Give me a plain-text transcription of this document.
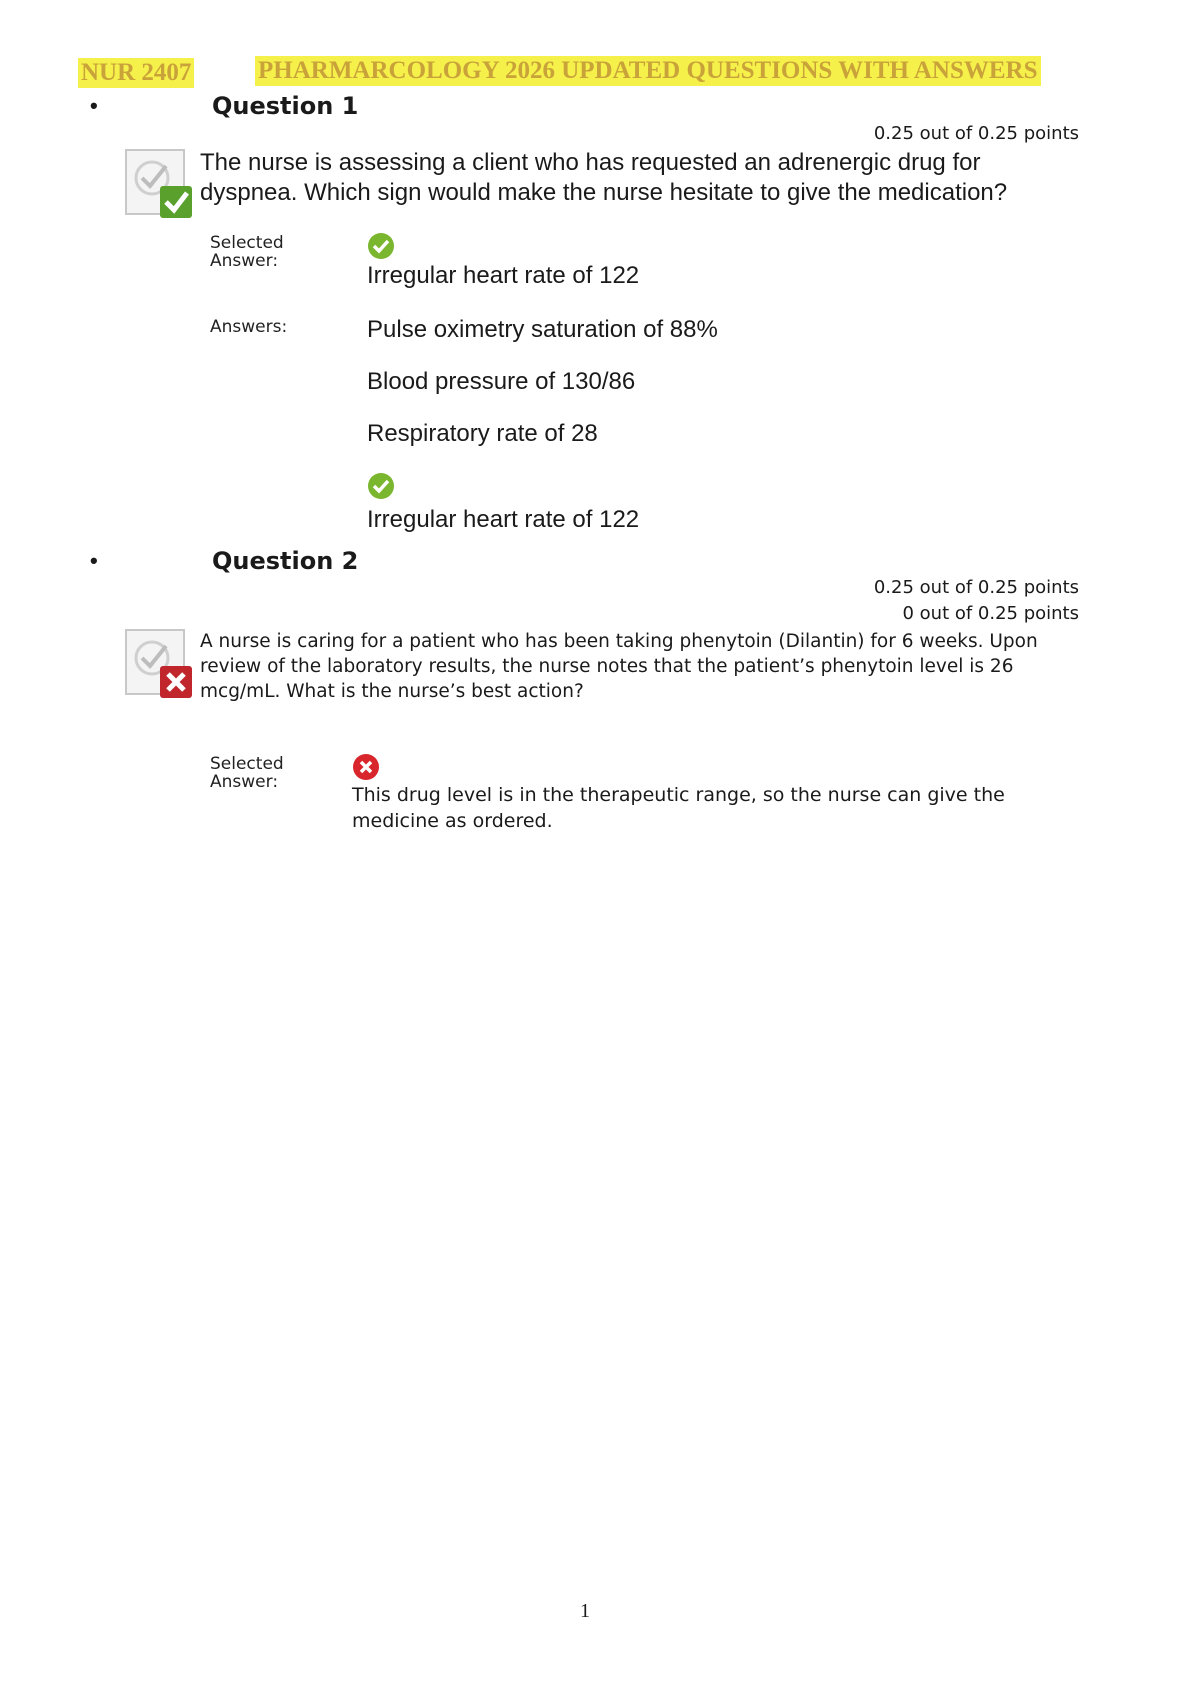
NUR 2407	PHARMARCOLOGY 2026 UPDATED QUESTIONS WITH ANSWERS
•	Question 1
0.25 out of 0.25 points
The nurse is assessing a client who has requested an adrenergic drug for dyspnea. Which sign would make the nurse hesitate to give the medication?
Selected Answer:
Irregular heart rate of 122
Answers:	Pulse oximetry saturation of 88%
Blood pressure of 130/86
Respiratory rate of 28
Irregular heart rate of 122
•	Question 2
0.25 out of 0.25 points
0 out of 0.25 points
A nurse is caring for a patient who has been taking phenytoin (Dilantin) for 6 weeks. Upon review of the laboratory results, the nurse notes that the patient’s phenytoin level is 26 mcg/mL. What is the nurse’s best action?
Selected Answer:
This drug level is in the therapeutic range, so the nurse can give the medicine as ordered.
1
